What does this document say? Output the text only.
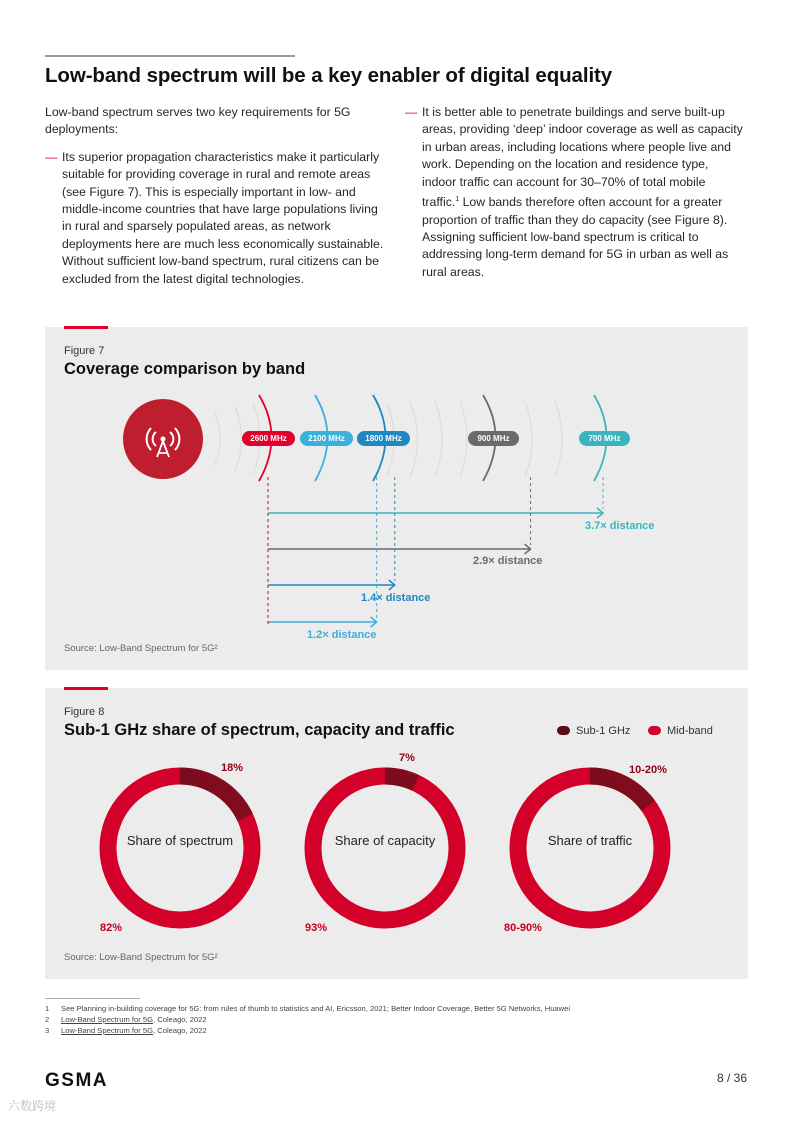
Low-band spectrum will be a key enabler of digital equality

Low-band spectrum serves two key requirements for 5G deployments:

— Its superior propagation characteristics make it particularly suitable for providing coverage in rural and remote areas (see Figure 7). This is especially important in low- and middle-income countries that have large populations living in rural and sparsely populated areas, as network deployments here are much less economically sustainable. Without sufficient low-band spectrum, rural citizens can be excluded from the latest digital technologies.

— It is better able to penetrate buildings and serve built-up areas, providing ‘deep’ indoor coverage as well as capacity in urban areas, including locations where people live and work. Depending on the location and residence type, indoor traffic can account for 30–70% of total mobile traffic.$^1$ Low bands therefore often account for a greater proportion of traffic than they do capacity (see Figure 8). Assigning sufficient low-band spectrum is critical to addressing long-term demand for 5G in urban as well as rural areas.

Figure 7
Coverage comparison by band
2600 MHz	2100 MHz	1800 MHz	900 MHz	700 MHz
3.7× distance
2.9× distance
1.4× distance
1.2× distance
Source: Low-Band Spectrum for 5G²
Figure 8
Sub-1 GHz share of spectrum, capacity and traffic	Sub-1 GHz	Mid-band
Share of spectrum	Share of capacity	Share of traffic
18%
82%
7%
93%
10-20%
80-90%
Source: Low-Band Spectrum for 5G²
1 See Planning in-building coverage for 5G: from rules of thumb to statistics and AI, Ericsson, 2021; Better Indoor Coverage, Better 5G Networks, Huawei
2 Low-Band Spectrum for 5G, Coleago, 2022
3 Low-Band Spectrum for 5G, Coleago, 2022
GSMA	8 / 36
六数跨境
